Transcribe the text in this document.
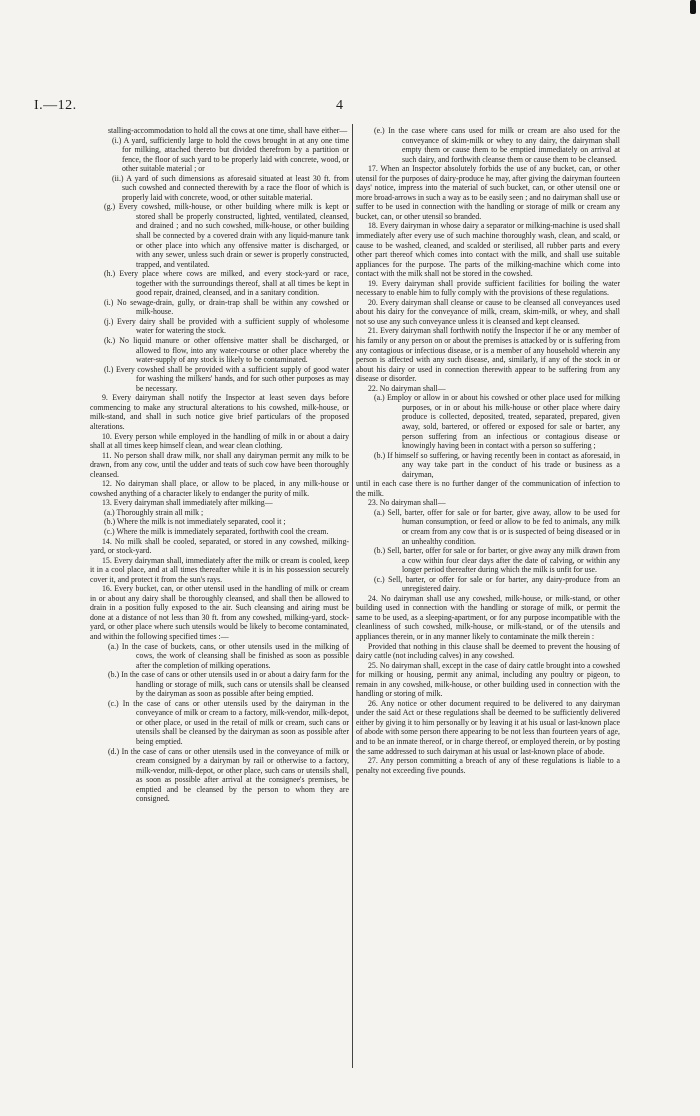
I.—12.	4

stalling-accommodation to hold all the cows at one time, shall have either—

(i.) A yard, sufficiently large to hold the cows brought in at any one time for milking, attached thereto but divided therefrom by a partition or fence, the floor of such yard to be properly laid with concrete, wood, or other suitable material ; or

(ii.) A yard of such dimensions as aforesaid situated at least 30 ft. from such cowshed and connected therewith by a race the floor of which is properly laid with concrete, wood, or other suitable material.

(g.) Every cowshed, milk-house, or other building where milk is kept or stored shall be properly constructed, lighted, ventilated, cleansed, and drained ; and no such cowshed, milk-house, or other building shall be connected by a covered drain with any liquid-manure tank or other place into which any offensive matter is discharged, or with any sewer, unless such drain or sewer is properly constructed, trapped, and ventilated.

(h.) Every place where cows are milked, and every stock-yard or race, together with the surroundings thereof, shall at all times be kept in good repair, drained, cleansed, and in a sanitary condition.

(i.) No sewage-drain, gully, or drain-trap shall be within any cowshed or milk-house.

(j.) Every dairy shall be provided with a sufficient supply of wholesome water for watering the stock.

(k.) No liquid manure or other offensive matter shall be discharged, or allowed to flow, into any water-course or other place whereby the water-supply of any stock is likely to be contaminated.

(l.) Every cowshed shall be provided with a sufficient supply of good water for washing the milkers' hands, and for such other purposes as may be necessary.

9. Every dairyman shall notify the Inspector at least seven days before commencing to make any structural alterations to his cowshed, milk-house, or milk-stand, and shall in such notice give brief particulars of the proposed alterations.

10. Every person while employed in the handling of milk in or about a dairy shall at all times keep himself clean, and wear clean clothing.

11. No person shall draw milk, nor shall any dairyman permit any milk to be drawn, from any cow, until the udder and teats of such cow have been thoroughly cleansed.

12. No dairyman shall place, or allow to be placed, in any milk-house or cowshed anything of a character likely to endanger the purity of milk.

13. Every dairyman shall immediately after milking—

(a.) Thoroughly strain all milk ;

(b.) Where the milk is not immediately separated, cool it ;

(c.) Where the milk is immediately separated, forthwith cool the cream.

14. No milk shall be cooled, separated, or stored in any cowshed, milking-yard, or stock-yard.

15. Every dairyman shall, immediately after the milk or cream is cooled, keep it in a cool place, and at all times thereafter while it is in his possession securely cover it, and protect it from the sun's rays.

16. Every bucket, can, or other utensil used in the handling of milk or cream in or about any dairy shall be thoroughly cleansed, and shall then be allowed to drain in a position fully exposed to the air. Such cleansing and airing must be done at a distance of not less than 30 ft. from any cowshed, milking-yard, stock-yard, or other place where such utensils would be likely to become contaminated, and within the following specified times :—

(a.) In the case of buckets, cans, or other utensils used in the milking of cows, the work of cleansing shall be finished as soon as possible after the completion of milking operations.

(b.) In the case of cans or other utensils used in or about a dairy farm for the handling or storage of milk, such cans or utensils shall be cleansed by the dairyman as soon as possible after being emptied.

(c.) In the case of cans or other utensils used by the dairyman in the conveyance of milk or cream to a factory, milk-vendor, milk-depot, or other place, or used in the retail of milk or cream, such cans or utensils shall be cleansed by the dairyman as soon as possible after being emptied.

(d.) In the case of cans or other utensils used in the conveyance of milk or cream consigned by a dairyman by rail or otherwise to a factory, milk-vendor, milk-depot, or other place, such cans or utensils shall, as soon as possible after arrival at the consignee's premises, be emptied and be cleansed by the person to whom they are consigned.

(e.) In the case where cans used for milk or cream are also used for the conveyance of skim-milk or whey to any dairy, the dairyman shall empty them or cause them to be emptied immediately on arrival at such dairy, and forthwith cleanse them or cause them to be cleansed.

17. When an Inspector absolutely forbids the use of any bucket, can, or other utensil for the purposes of dairy-produce he may, after giving the dairyman fourteen days' notice, impress into the material of such bucket, can, or other utensil one or more broad-arrows in such a way as to be easily seen ; and no dairyman shall use or suffer to be used in connection with the handling or storage of milk or cream any bucket, can, or other utensil so branded.

18. Every dairyman in whose dairy a separator or milking-machine is used shall immediately after every use of such machine thoroughly wash, clean, and scald, or cause to be washed, cleaned, and scalded or sterilised, all rubber parts and every other part thereof which comes into contact with the milk, and shall use suitable appliances for the purpose. The parts of the milking-machine which come into contact with the milk shall not be stored in the cowshed.

19. Every dairyman shall provide sufficient facilities for boiling the water necessary to enable him to fully comply with the provisions of these regulations.

20. Every dairyman shall cleanse or cause to be cleansed all conveyances used about his dairy for the conveyance of milk, cream, skim-milk, or whey, and shall not so use any such conveyance unless it is cleansed and kept cleansed.

21. Every dairyman shall forthwith notify the Inspector if he or any member of his family or any person on or about the premises is attacked by or is suffering from any contagious or infectious disease, or is a member of any household wherein any person is affected with any such disease, and, similarly, if any of the stock in or about his dairy or used in connection therewith appear to be suffering from any disease or disorder.

22. No dairyman shall—

(a.) Employ or allow in or about his cowshed or other place used for milking purposes, or in or about his milk-house or other place where dairy produce is collected, deposited, treated, separated, prepared, given away, sold, bartered, or offered or exposed for sale or barter, any person suffering from an infectious or contagious disease or knowingly having been in contact with a person so suffering ;

(b.) If himself so suffering, or having recently been in contact as aforesaid, in any way take part in the conduct of his trade or business as a dairyman,

until in each case there is no further danger of the communication of infection to the milk.

23. No dairyman shall—

(a.) Sell, barter, offer for sale or for barter, give away, allow to be used for human consumption, or feed or allow to be fed to animals, any milk or cream from any cow that is or is suspected of being diseased or in an unhealthy condition.

(b.) Sell, barter, offer for sale or for barter, or give away any milk drawn from a cow within four clear days after the date of calving, or within any longer period thereafter during which the milk is unfit for use.

(c.) Sell, barter, or offer for sale or for barter, any dairy-produce from an unregistered dairy.

24. No dairyman shall use any cowshed, milk-house, or milk-stand, or other building used in connection with the handling or storage of milk, or permit the same to be used, as a sleeping-apartment, or for any purpose incompatible with the cleanliness of such cowshed, milk-house, or milk-stand, or of the utensils and appliances therein, or in any manner likely to contaminate the milk therein :

Provided that nothing in this clause shall be deemed to prevent the housing of dairy cattle (not including calves) in any cowshed.

25. No dairyman shall, except in the case of dairy cattle brought into a cowshed for milking or housing, permit any animal, including any poultry or pigeon, to remain in any cowshed, milk-house, or other building used in connection with the handling or storing of milk.

26. Any notice or other document required to be delivered to any dairyman under the said Act or these regulations shall be deemed to be sufficiently delivered either by giving it to him personally or by leaving it at his usual or last-known place of abode with some person there appearing to be not less than fourteen years of age, and to be an inmate thereof, or in charge thereof, or employed therein, or by posting the same addressed to such dairyman at his usual or last-known place of abode.

27. Any person committing a breach of any of these regulations is liable to a penalty not exceeding five pounds.
